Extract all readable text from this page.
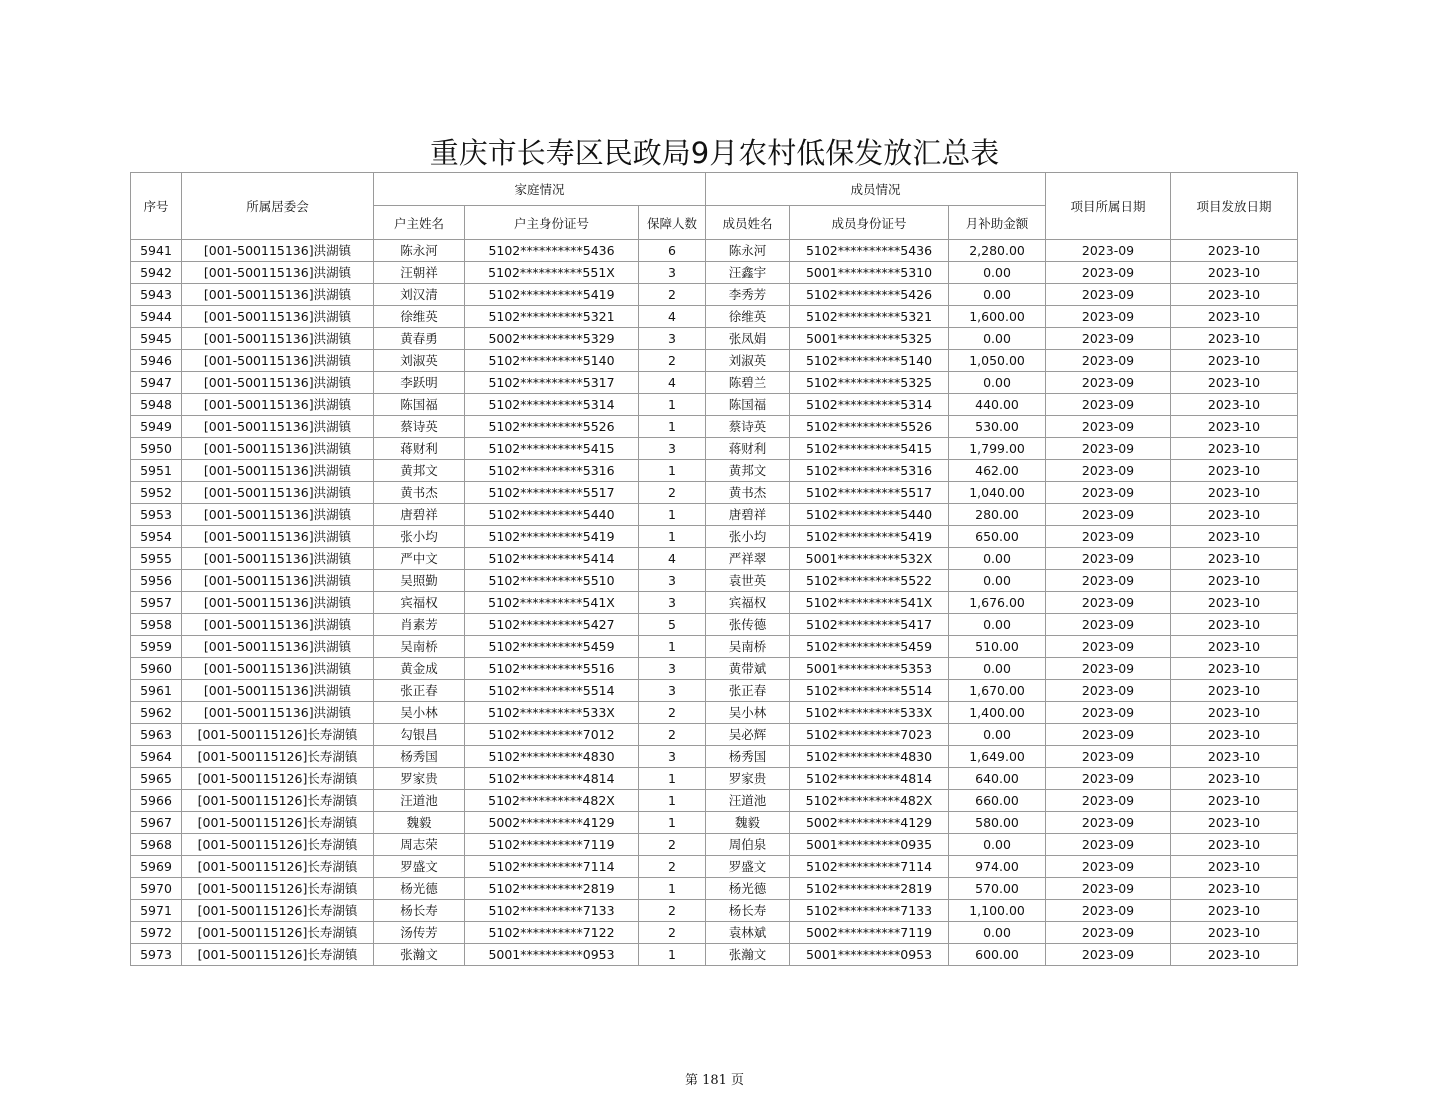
重庆市长寿区民政局9月农村低保发放汇总表
序号	所属居委会	家庭情况			成员情况			项目所属日期	项目发放日期
		户主姓名	户主身份证号	保障人数	成员姓名	成员身份证号	月补助金额		
5941	[001-500115136]洪湖镇	陈永河	5102**********5436	6	陈永河	5102**********5436	2,280.00	2023-09	2023-10
5942	[001-500115136]洪湖镇	汪朝祥	5102**********551X	3	汪鑫宇	5001**********5310	0.00	2023-09	2023-10
5943	[001-500115136]洪湖镇	刘汉清	5102**********5419	2	李秀芳	5102**********5426	0.00	2023-09	2023-10
5944	[001-500115136]洪湖镇	徐维英	5102**********5321	4	徐维英	5102**********5321	1,600.00	2023-09	2023-10
5945	[001-500115136]洪湖镇	黄春勇	5002**********5329	3	张凤娟	5001**********5325	0.00	2023-09	2023-10
5946	[001-500115136]洪湖镇	刘淑英	5102**********5140	2	刘淑英	5102**********5140	1,050.00	2023-09	2023-10
5947	[001-500115136]洪湖镇	李跃明	5102**********5317	4	陈碧兰	5102**********5325	0.00	2023-09	2023-10
5948	[001-500115136]洪湖镇	陈国福	5102**********5314	1	陈国福	5102**********5314	440.00	2023-09	2023-10
5949	[001-500115136]洪湖镇	蔡诗英	5102**********5526	1	蔡诗英	5102**********5526	530.00	2023-09	2023-10
5950	[001-500115136]洪湖镇	蒋财利	5102**********5415	3	蒋财利	5102**********5415	1,799.00	2023-09	2023-10
5951	[001-500115136]洪湖镇	黄邦文	5102**********5316	1	黄邦文	5102**********5316	462.00	2023-09	2023-10
5952	[001-500115136]洪湖镇	黄书杰	5102**********5517	2	黄书杰	5102**********5517	1,040.00	2023-09	2023-10
5953	[001-500115136]洪湖镇	唐碧祥	5102**********5440	1	唐碧祥	5102**********5440	280.00	2023-09	2023-10
5954	[001-500115136]洪湖镇	张小均	5102**********5419	1	张小均	5102**********5419	650.00	2023-09	2023-10
5955	[001-500115136]洪湖镇	严中文	5102**********5414	4	严祥翠	5001**********532X	0.00	2023-09	2023-10
5956	[001-500115136]洪湖镇	吴照勤	5102**********5510	3	袁世英	5102**********5522	0.00	2023-09	2023-10
5957	[001-500115136]洪湖镇	宾福权	5102**********541X	3	宾福权	5102**********541X	1,676.00	2023-09	2023-10
5958	[001-500115136]洪湖镇	肖素芳	5102**********5427	5	张传德	5102**********5417	0.00	2023-09	2023-10
5959	[001-500115136]洪湖镇	吴南桥	5102**********5459	1	吴南桥	5102**********5459	510.00	2023-09	2023-10
5960	[001-500115136]洪湖镇	黄金成	5102**********5516	3	黄带斌	5001**********5353	0.00	2023-09	2023-10
5961	[001-500115136]洪湖镇	张正春	5102**********5514	3	张正春	5102**********5514	1,670.00	2023-09	2023-10
5962	[001-500115136]洪湖镇	吴小林	5102**********533X	2	吴小林	5102**********533X	1,400.00	2023-09	2023-10
5963	[001-500115126]长寿湖镇	勾银昌	5102**********7012	2	吴必辉	5102**********7023	0.00	2023-09	2023-10
5964	[001-500115126]长寿湖镇	杨秀国	5102**********4830	3	杨秀国	5102**********4830	1,649.00	2023-09	2023-10
5965	[001-500115126]长寿湖镇	罗家贵	5102**********4814	1	罗家贵	5102**********4814	640.00	2023-09	2023-10
5966	[001-500115126]长寿湖镇	汪道池	5102**********482X	1	汪道池	5102**********482X	660.00	2023-09	2023-10
5967	[001-500115126]长寿湖镇	魏毅	5002**********4129	1	魏毅	5002**********4129	580.00	2023-09	2023-10
5968	[001-500115126]长寿湖镇	周志荣	5102**********7119	2	周伯泉	5001**********0935	0.00	2023-09	2023-10
5969	[001-500115126]长寿湖镇	罗盛文	5102**********7114	2	罗盛文	5102**********7114	974.00	2023-09	2023-10
5970	[001-500115126]长寿湖镇	杨光德	5102**********2819	1	杨光德	5102**********2819	570.00	2023-09	2023-10
5971	[001-500115126]长寿湖镇	杨长寿	5102**********7133	2	杨长寿	5102**********7133	1,100.00	2023-09	2023-10
5972	[001-500115126]长寿湖镇	汤传芳	5102**********7122	2	袁林斌	5002**********7119	0.00	2023-09	2023-10
5973	[001-500115126]长寿湖镇	张瀚文	5001**********0953	1	张瀚文	5001**********0953	600.00	2023-09	2023-10
第 181 页
